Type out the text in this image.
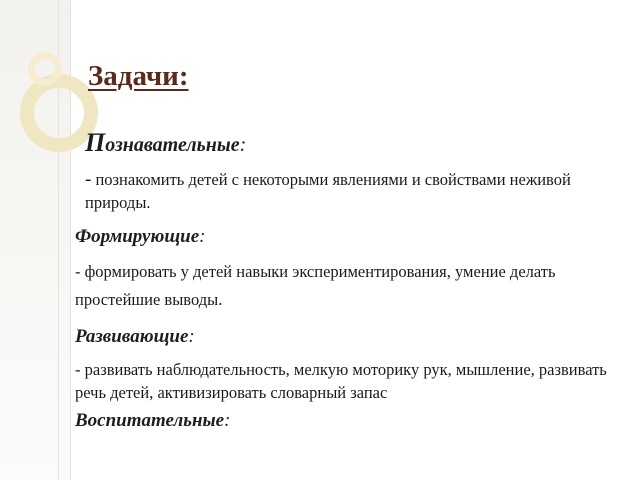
Задачи:
Познавательные:

- познакомить детей с некоторыми явлениями и свойствами неживой природы.

Формирующие:

- формировать у детей навыки экспериментирования, умение делать простейшие выводы.

Развивающие:

- развивать наблюдательность, мелкую моторику рук, мышление, развивать речь детей, активизировать словарный запас

Воспитательные:
